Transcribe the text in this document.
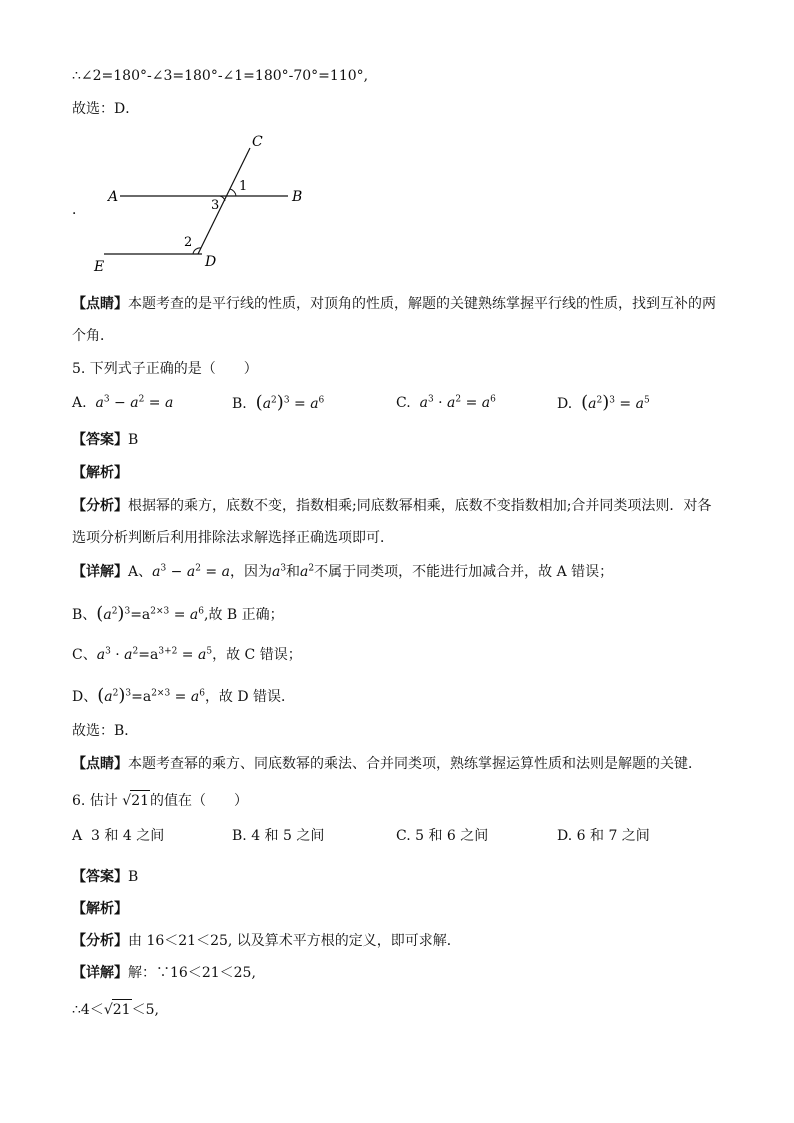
∴∠2=180°-∠3=180°-∠1=180°-70°=110°,
故选：D．
．
C
A	B
1
3
2
E	D
【点睛】本题考查的是平行线的性质，对顶角的性质，解题的关键熟练掌握平行线的性质，找到互补的两
个角．
5. 下列式子正确的是（　　）
A. $a^3 - a^2 = a$	B. $(a^2)^3 = a^6$	C. $a^3 \cdot a^2 = a^6$	D. $(a^2)^3 = a^5$
【答案】B
【解析】
【分析】根据幂的乘方，底数不变，指数相乘;同底数幂相乘，底数不变指数相加;合并同类项法则．对各
选项分析判断后利用排除法求解选择正确选项即可．
【详解】A、$a^3 - a^2 = a$，因为$a^3$和$a^2$不属于同类项，不能进行加减合并，故 A 错误；
B、$(a^2)^3=a^{2\times 3} = a^6$,故 B 正确；
C、$a^3 \cdot a^2=a^{3+2} = a^5$，故 C 错误；
D、$(a^2)^3=a^{2\times 3} = a^6$，故 D 错误．
故选：B．
【点睛】本题考查幂的乘方、同底数幂的乘法、合并同类项，熟练掌握运算性质和法则是解题的关键．
6. 估计 √21的值在（　　）
A 3 和 4 之间	B. 4 和 5 之间	C. 5 和 6 之间	D. 6 和 7 之间
【答案】B
【解析】
【分析】由 16＜21＜25, 以及算术平方根的定义，即可求解．
【详解】解：∵16＜21＜25,
∴4＜√21＜5,
